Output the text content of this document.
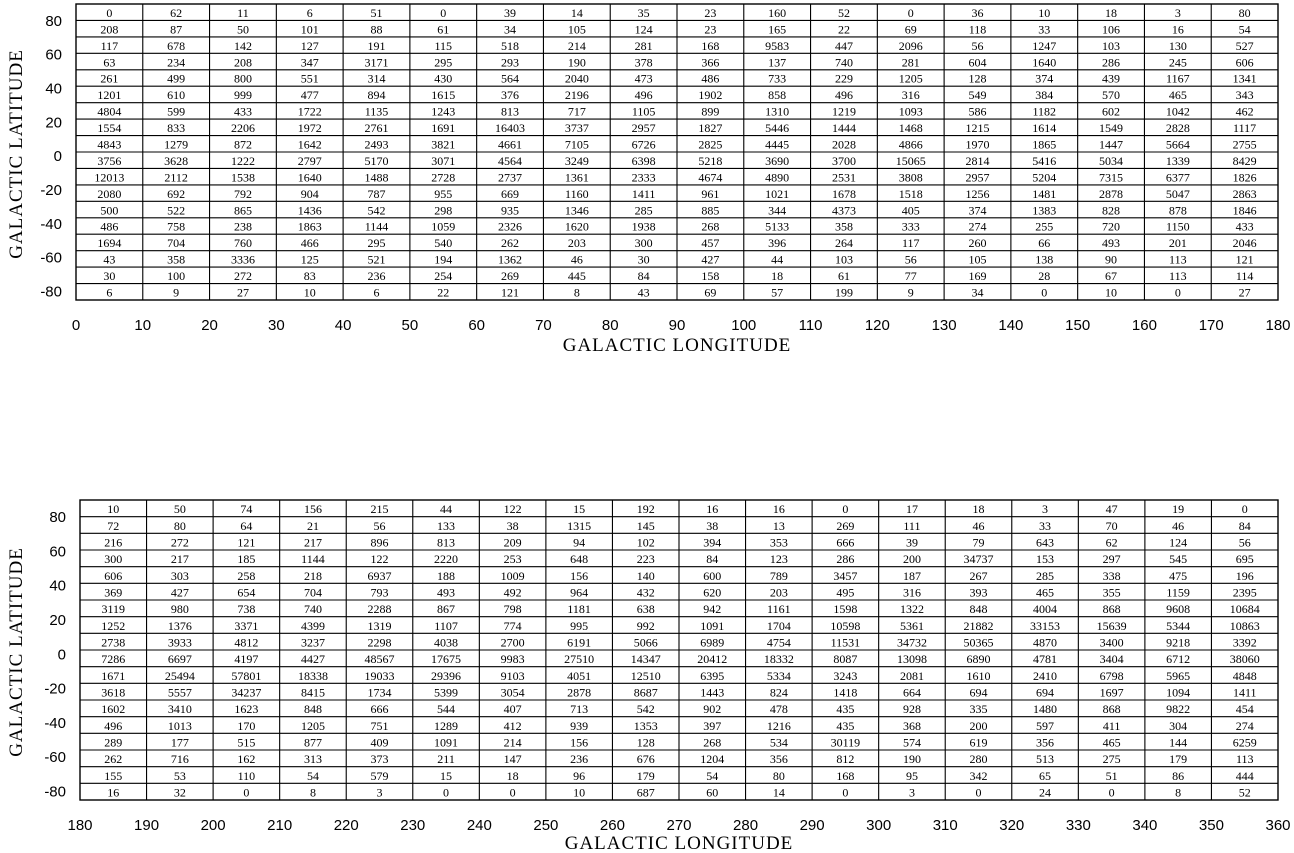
0	62	11	6	51	0	39	14	35	23	160	52	0	36	10	18	3	80
208	87	50	101	88	61	34	105	124	23	165	22	69	118	33	106	16	54
117	678	142	127	191	115	518	214	281	168	9583	447	2096	56	1247	103	130	527
63	234	208	347	3171	295	293	190	378	366	137	740	281	604	1640	286	245	606
261	499	800	551	314	430	564	2040	473	486	733	229	1205	128	374	439	1167	1341
1201	610	999	477	894	1615	376	2196	496	1902	858	496	316	549	384	570	465	343
4804	599	433	1722	1135	1243	813	717	1105	899	1310	1219	1093	586	1182	602	1042	462
1554	833	2206	1972	2761	1691	16403	3737	2957	1827	5446	1444	1468	1215	1614	1549	2828	1117
4843	1279	872	1642	2493	3821	4661	7105	6726	2825	4445	2028	4866	1970	1865	1447	5664	2755
3756	3628	1222	2797	5170	3071	4564	3249	6398	5218	3690	3700	15065	2814	5416	5034	1339	8429
12013	2112	1538	1640	1488	2728	2737	1361	2333	4674	4890	2531	3808	2957	5204	7315	6377	1826
2080	692	792	904	787	955	669	1160	1411	961	1021	1678	1518	1256	1481	2878	5047	2863
500	522	865	1436	542	298	935	1346	285	885	344	4373	405	374	1383	828	878	1846
486	758	238	1863	1144	1059	2326	1620	1938	268	5133	358	333	274	255	720	1150	433
1694	704	760	466	295	540	262	203	300	457	396	264	117	260	66	493	201	2046
43	358	3336	125	521	194	1362	46	30	427	44	103	56	105	138	90	113	121
30	100	272	83	236	254	269	445	84	158	18	61	77	169	28	67	113	114
6	9	27	10	6	22	121	8	43	69	57	199	9	34	0	10	0	27
0	10	20	30	40	50	60	70	80	90	100	110	120	130	140	150	160	170	180
80
60
40
20
0
-20
-40
-60
-80
GALACTIC LONGITUDE
GALACTIC LATITUDE
10	50	74	156	215	44	122	15	192	16	16	0	17	18	3	47	19	0
72	80	64	21	56	133	38	1315	145	38	13	269	111	46	33	70	46	84
216	272	121	217	896	813	209	94	102	394	353	666	39	79	643	62	124	56
300	217	185	1144	122	2220	253	648	223	84	123	286	200	34737	153	297	545	695
606	303	258	218	6937	188	1009	156	140	600	789	3457	187	267	285	338	475	196
369	427	654	704	793	493	492	964	432	620	203	495	316	393	465	355	1159	2395
3119	980	738	740	2288	867	798	1181	638	942	1161	1598	1322	848	4004	868	9608	10684
1252	1376	3371	4399	1319	1107	774	995	992	1091	1704	10598	5361	21882	33153	15639	5344	10863
2738	3933	4812	3237	2298	4038	2700	6191	5066	6989	4754	11531	34732	50365	4870	3400	9218	3392
7286	6697	4197	4427	48567	17675	9983	27510	14347	20412	18332	8087	13098	6890	4781	3404	6712	38060
1671	25494	57801	18338	19033	29396	9103	4051	12510	6395	5334	3243	2081	1610	2410	6798	5965	4848
3618	5557	34237	8415	1734	5399	3054	2878	8687	1443	824	1418	664	694	694	1697	1094	1411
1602	3410	1623	848	666	544	407	713	542	902	478	435	928	335	1480	868	9822	454
496	1013	170	1205	751	1289	412	939	1353	397	1216	435	368	200	597	411	304	274
289	177	515	877	409	1091	214	156	128	268	534	30119	574	619	356	465	144	6259
262	716	162	313	373	211	147	236	676	1204	356	812	190	280	513	275	179	113
155	53	110	54	579	15	18	96	179	54	80	168	95	342	65	51	86	444
16	32	0	8	3	0	0	10	687	60	14	0	3	0	24	0	8	52
180	190	200	210	220	230	240	250	260	270	280	290	300	310	320	330	340	350	360
80
60
40
20
0
-20
-40
-60
-80
GALACTIC LONGITUDE
GALACTIC LATITUDE
